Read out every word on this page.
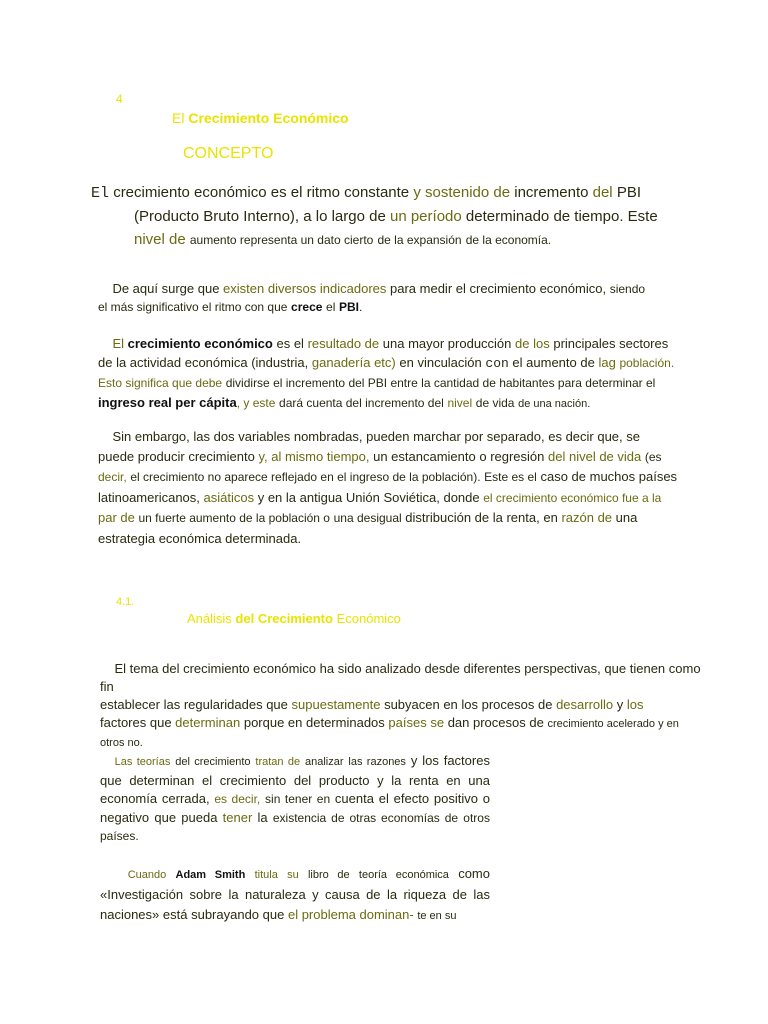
4
El Crecimiento Económico
CONCEPTO
El crecimiento económico es el ritmo constante y sostenido de incremento del PBI
(Producto Bruto Interno), a lo largo de un período determinado de tiempo. Este
nivel de aumento representa un dato cierto de la expansión de la economía.
De aquí surge que existen diversos indicadores para medir el crecimiento económico, siendo
el más significativo el ritmo con que crece el PBI.
El crecimiento económico es el resultado de una mayor producción de los principales sectores
de la actividad económica (industria, ganadería etc) en vinculación con el aumento de lag población.
Esto significa que debe dividirse el incremento del PBI entre la cantidad de habitantes para determinar el
ingreso real per cápita, y este dará cuenta del incremento del nivel de vida de una nación.
Sin embargo, las dos variables nombradas, pueden marchar por separado, es decir que, se
puede producir crecimiento y, al mismo tiempo, un estancamiento o regresión del nivel de vida (es
decir, el crecimiento no aparece reflejado en el ingreso de la población). Este es el caso de muchos países
latinoamericanos, asiáticos y en la antigua Unión Soviética, donde el crecimiento económico fue a la
par de un fuerte aumento de la población o una desigual distribución de la renta, en razón de una
estrategia económica determinada.
4.1.
Análisis del Crecimiento Económico
El tema del crecimiento económico ha sido analizado desde diferentes perspectivas, que tienen como fin
establecer las regularidades que supuestamente subyacen en los procesos de desarrollo y los
factores que determinan porque en determinados países se dan procesos de crecimiento acelerado y en
otros no.
Las teorías del crecimiento tratan de analizar las razones y los factores que determinan el crecimiento del producto y la renta en una economía cerrada, es decir, sin tener en cuenta el efecto positivo o negativo que pueda tener la existencia de otras economías de otros países.
Cuando Adam Smith titula su libro de teoría económica como «Investigación sobre la naturaleza y causa de la riqueza de las naciones» está subrayando que el problema dominan- te en su
